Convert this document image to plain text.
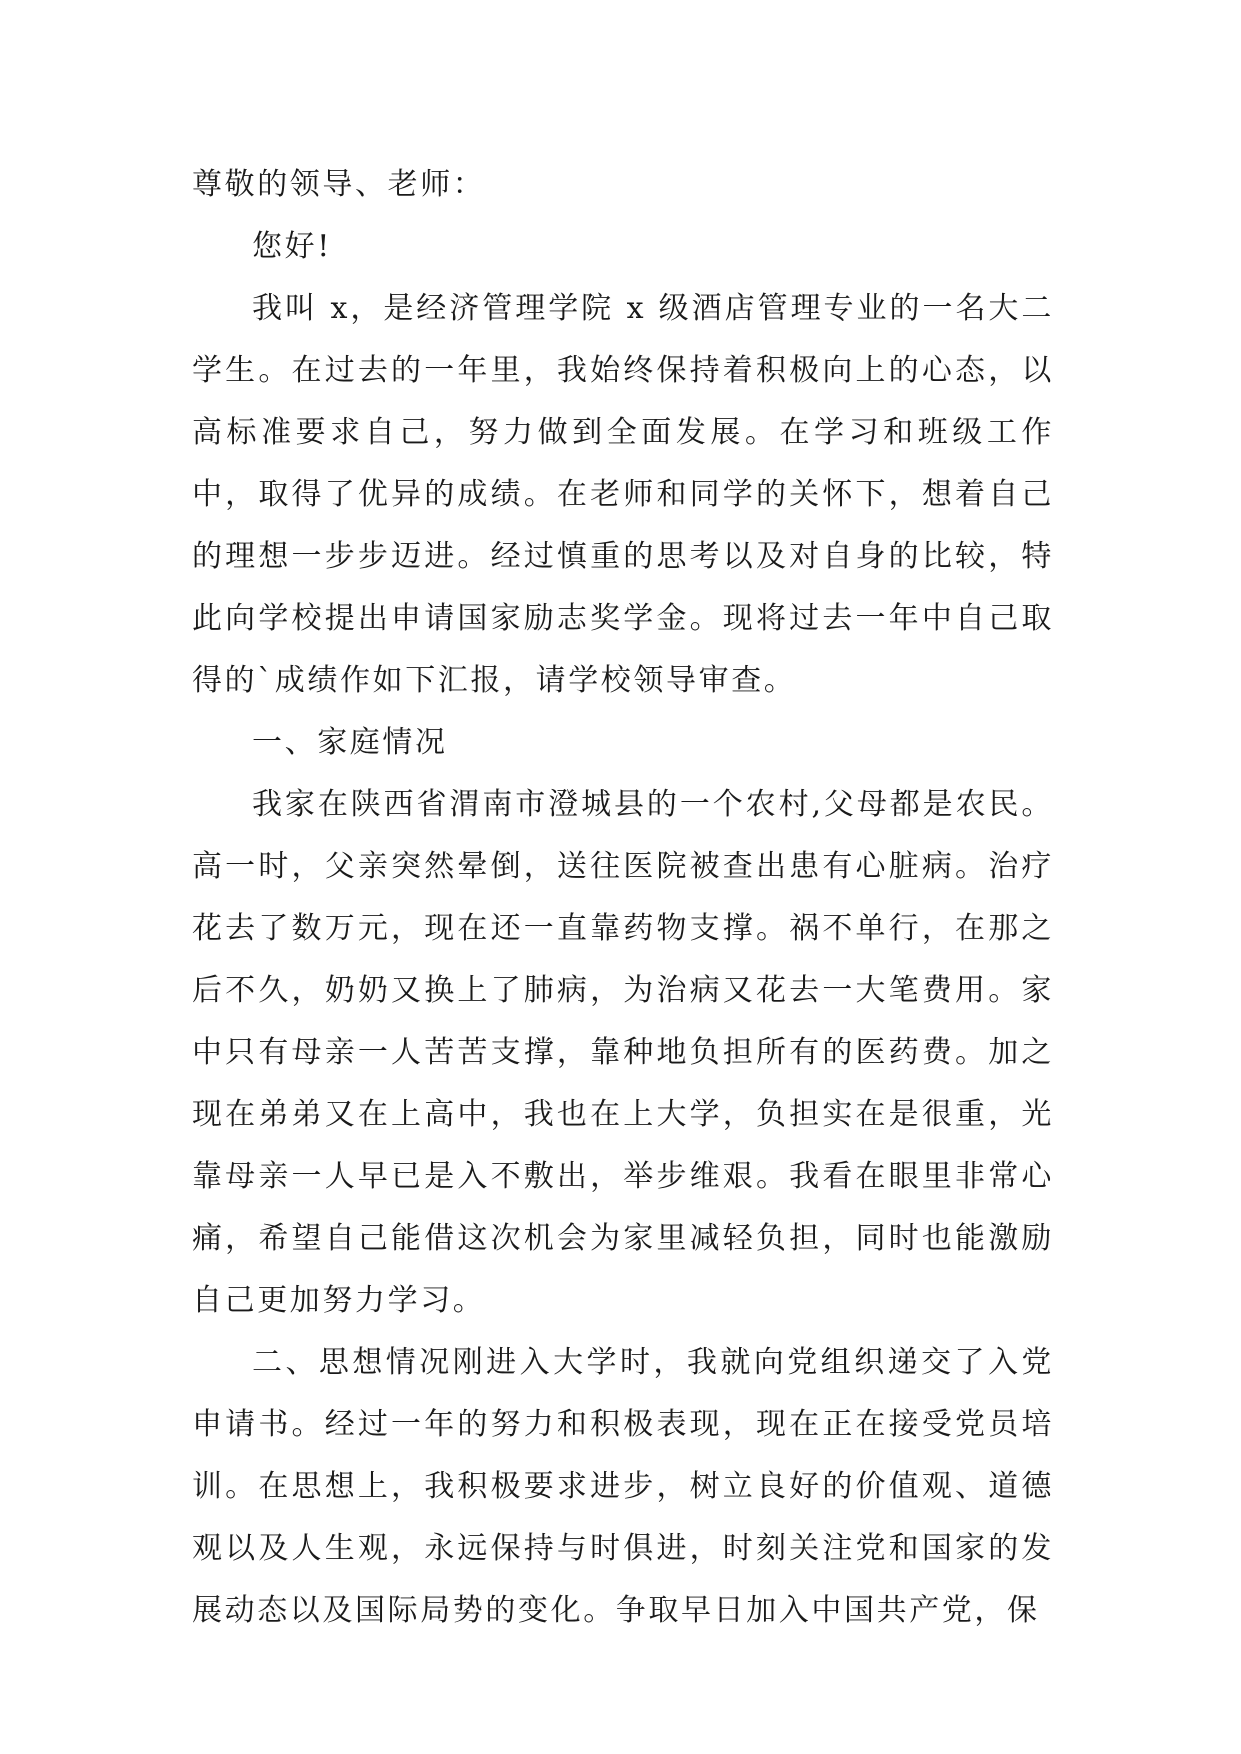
尊敬的领导、老师：

您好!

我叫 x，是经济管理学院 x 级酒店管理专业的一名大二学生。在过去的一年里，我始终保持着积极向上的心态，以高标准要求自己，努力做到全面发展。在学习和班级工作中，取得了优异的成绩。在老师和同学的关怀下，想着自己的理想一步步迈进。经过慎重的思考以及对自身的比较，特此向学校提出申请国家励志奖学金。现将过去一年中自己取得的`成绩作如下汇报，请学校领导审查。

一、家庭情况

我家在陕西省渭南市澄城县的一个农村,父母都是农民。高一时，父亲突然晕倒，送往医院被查出患有心脏病。治疗花去了数万元，现在还一直靠药物支撑。祸不单行，在那之后不久，奶奶又换上了肺病，为治病又花去一大笔费用。家中只有母亲一人苦苦支撑，靠种地负担所有的医药费。加之现在弟弟又在上高中，我也在上大学，负担实在是很重，光靠母亲一人早已是入不敷出，举步维艰。我看在眼里非常心痛，希望自己能借这次机会为家里减轻负担，同时也能激励自己更加努力学习。

二、思想情况刚进入大学时，我就向党组织递交了入党申请书。经过一年的努力和积极表现，现在正在接受党员培训。在思想上，我积极要求进步，树立良好的价值观、道德观以及人生观，永远保持与时俱进，时刻关注党和国家的发展动态以及国际局势的变化。争取早日加入中国共产党，保
